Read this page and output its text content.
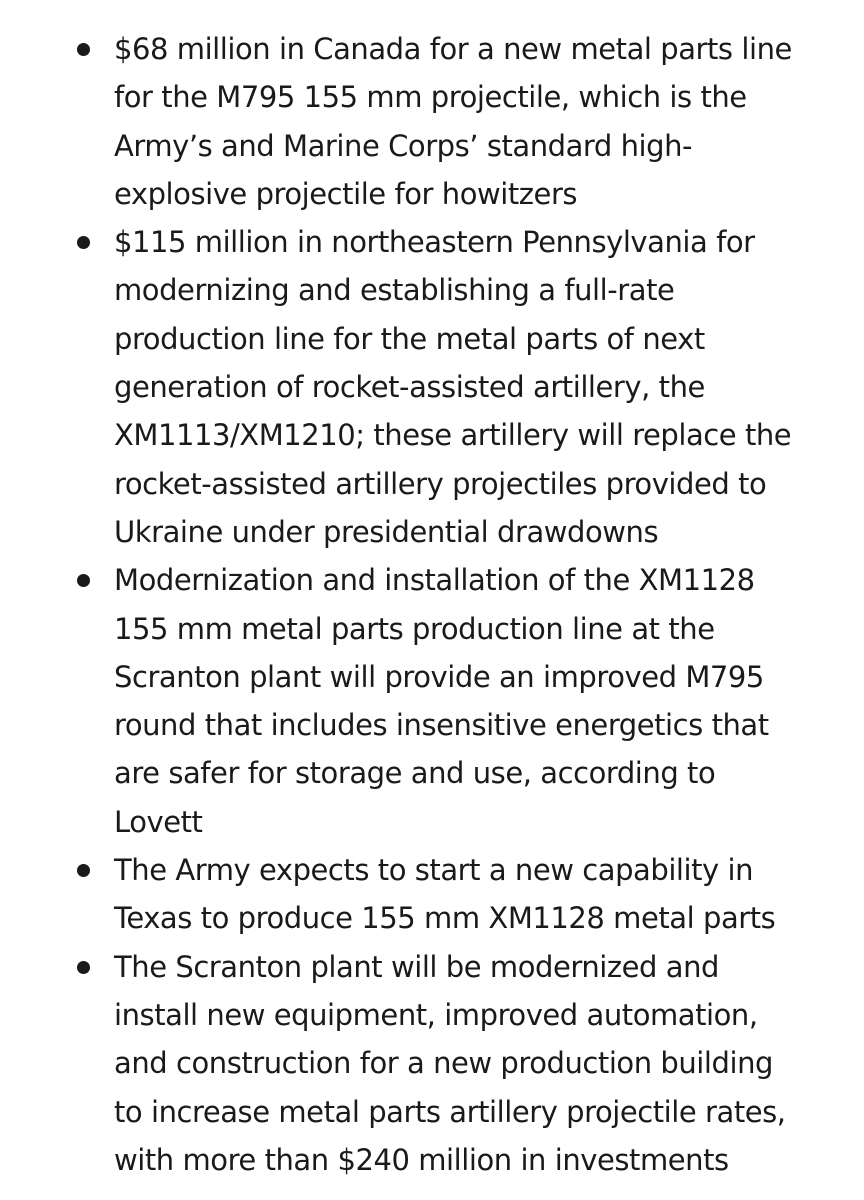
$68 million in Canada for a new metal parts line
for the M795 155 mm projectile, which is the
Army’s and Marine Corps’ standard high-
explosive projectile for howitzers
$115 million in northeastern Pennsylvania for
modernizing and establishing a full-rate
production line for the metal parts of next
generation of rocket-assisted artillery, the
XM1113/XM1210; these artillery will replace the
rocket-assisted artillery projectiles provided to
Ukraine under presidential drawdowns
Modernization and installation of the XM1128
155 mm metal parts production line at the
Scranton plant will provide an improved M795
round that includes insensitive energetics that
are safer for storage and use, according to
Lovett
The Army expects to start a new capability in
Texas to produce 155 mm XM1128 metal parts
The Scranton plant will be modernized and
install new equipment, improved automation,
and construction for a new production building
to increase metal parts artillery projectile rates,
with more than $240 million in investments
